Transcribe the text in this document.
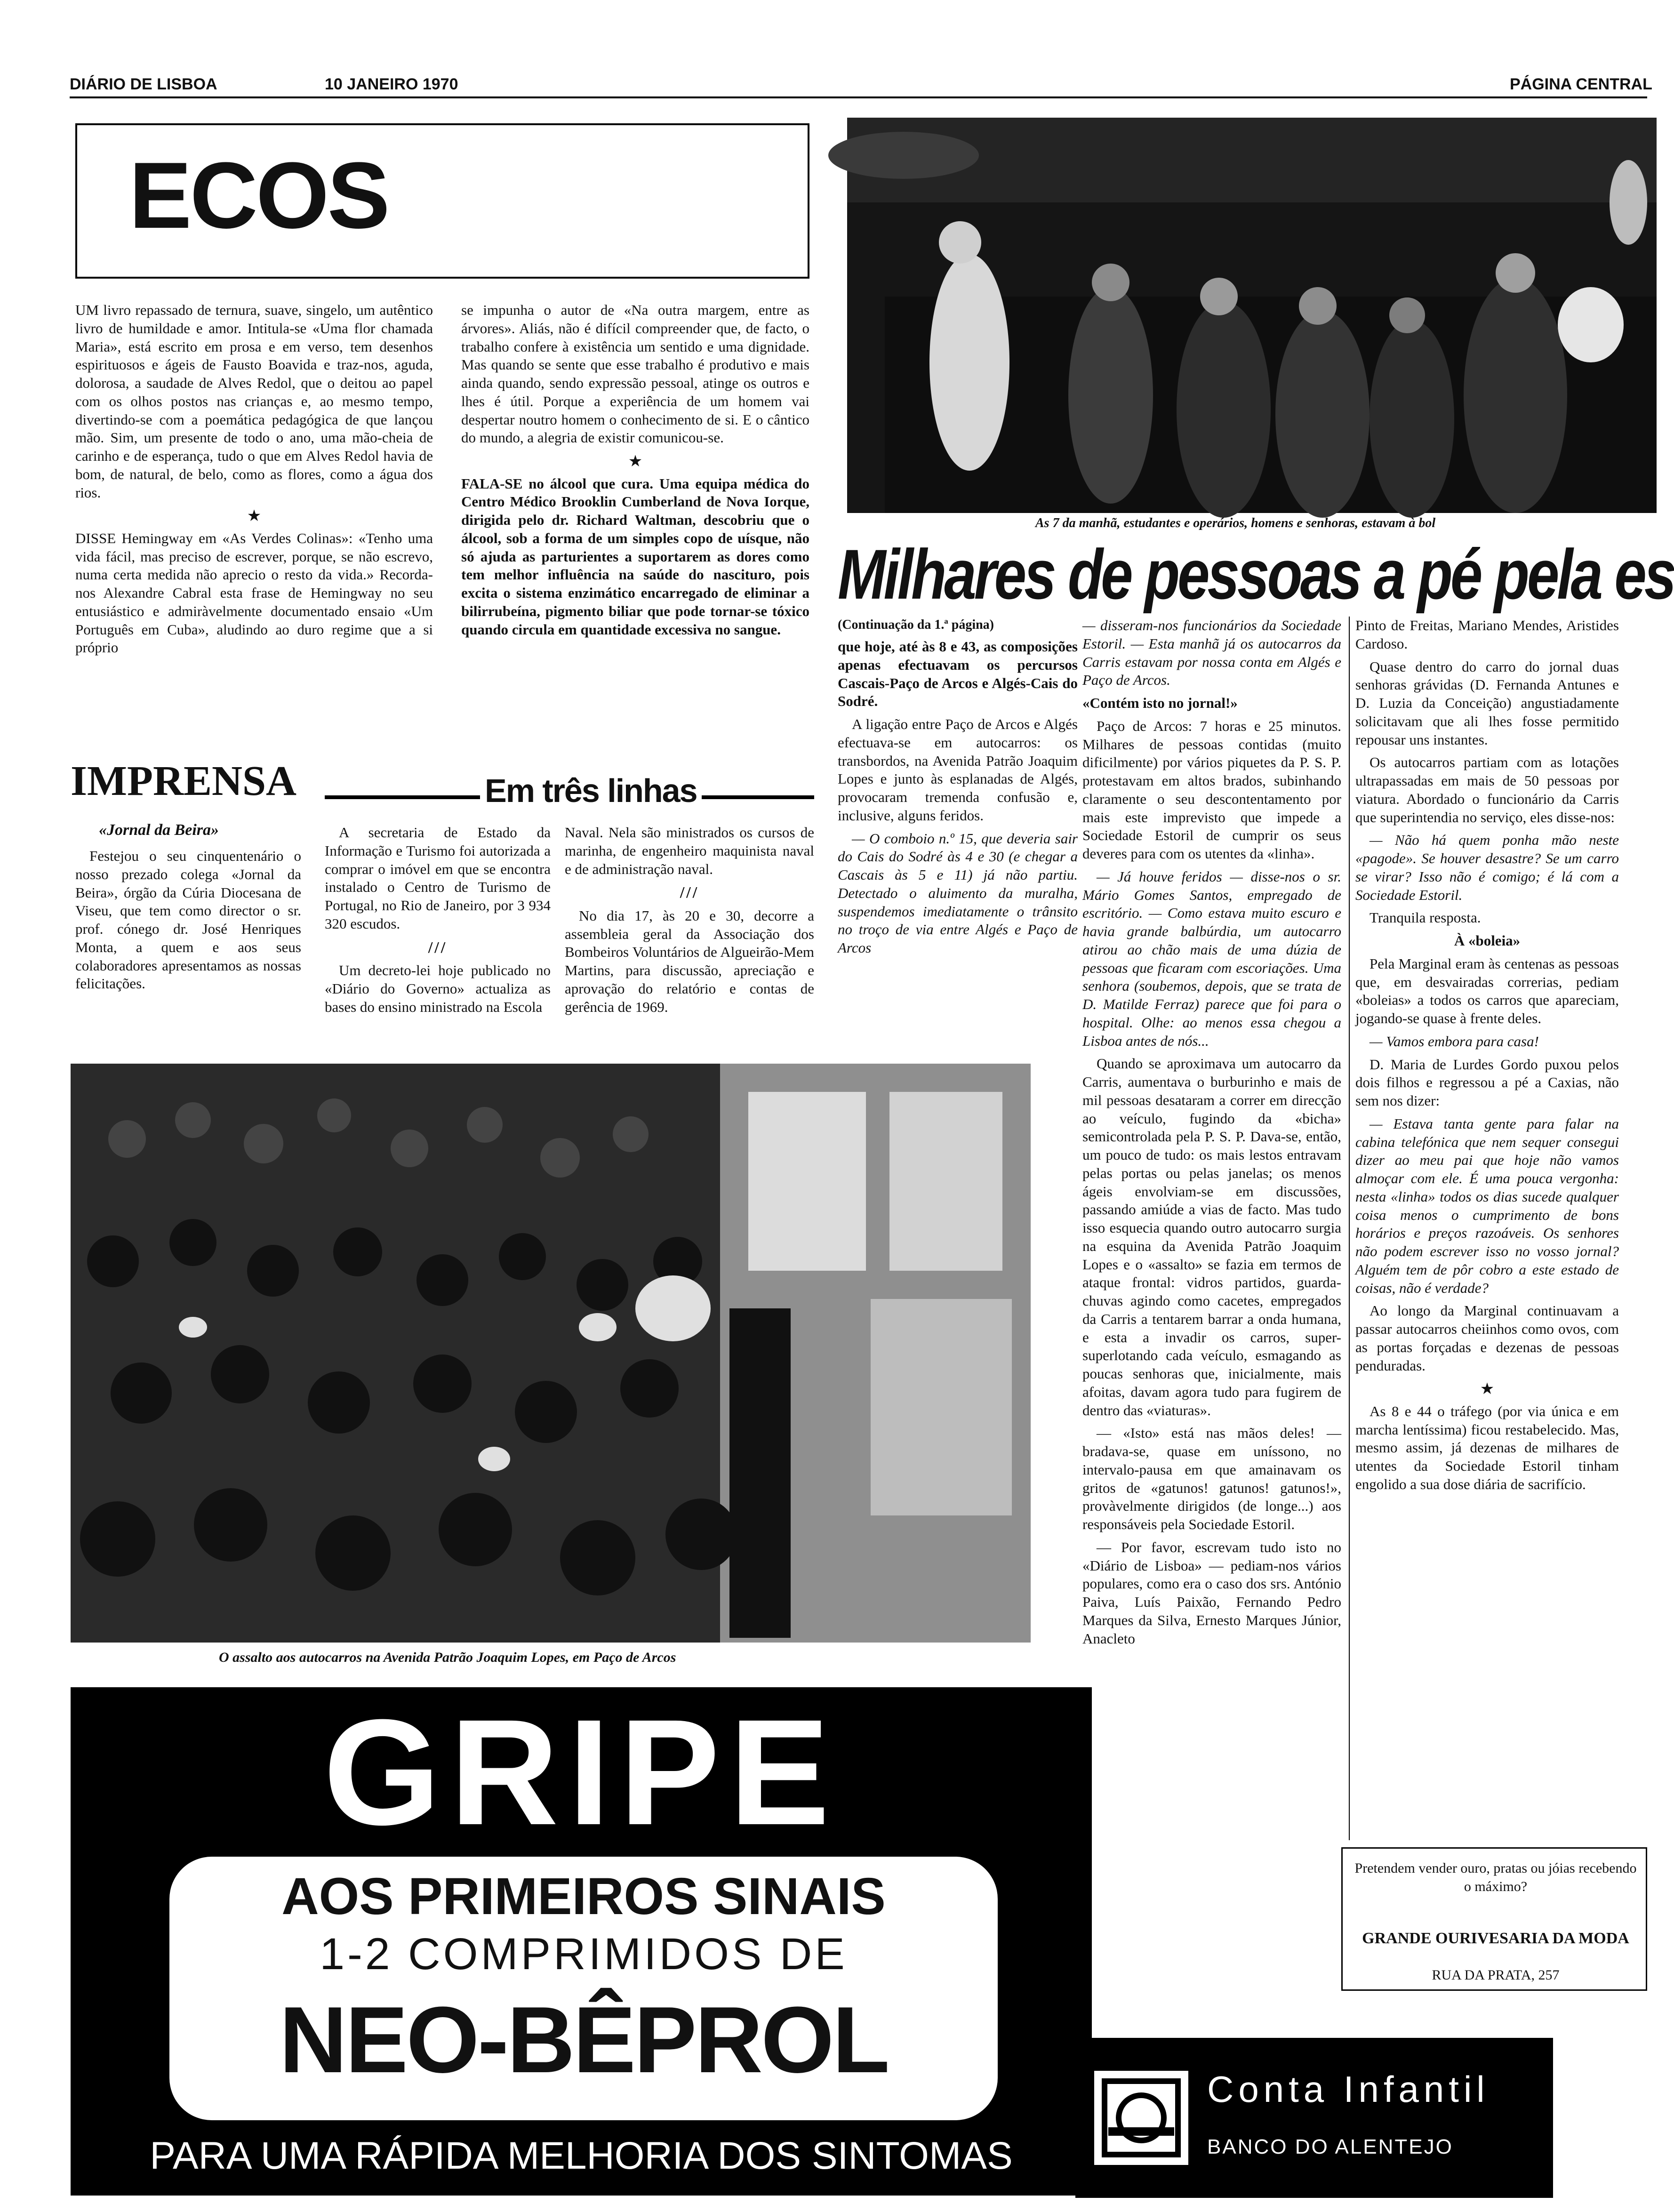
DIÁRIO DE LISBOA	10 JANEIRO 1970	PÁGINA CENTRAL
ECOS

UM livro repassado de ternura, suave, singelo, um autêntico livro de humildade e amor. Intitula-se «Uma flor chamada Maria», está escrito em prosa e em verso, tem desenhos espirituosos e ágeis de Fausto Boavida e traz-nos, aguda, dolorosa, a saudade de Alves Redol, que o deitou ao papel com os olhos postos nas crianças e, ao mesmo tempo, divertindo-se com a poemática pedagógica de que lançou mão. Sim, um presente de todo o ano, uma mão-cheia de carinho e de esperança, tudo o que em Alves Redol havia de bom, de natural, de belo, como as flores, como a água dos rios.

★

DISSE Hemingway em «As Verdes Colinas»: «Tenho uma vida fácil, mas preciso de escrever, porque, se não escrevo, numa certa medida não aprecio o resto da vida.» Recorda-nos Alexandre Cabral esta frase de Hemingway no seu entusiástico e admiràvelmente documentado ensaio «Um Português em Cuba», aludindo ao duro regime que a si próprio

se impunha o autor de «Na outra margem, entre as árvores». Aliás, não é difícil compreender que, de facto, o trabalho confere à existência um sentido e uma dignidade. Mas quando se sente que esse trabalho é produtivo e mais ainda quando, sendo expressão pessoal, atinge os outros e lhes é útil. Porque a experiência de um homem vai despertar noutro homem o conhecimento de si. E o cântico do mundo, a alegria de existir comunicou-se.

★

FALA-SE no álcool que cura. Uma equipa médica do Centro Médico Brooklin Cumberland de Nova Iorque, dirigida pelo dr. Richard Waltman, descobriu que o álcool, sob a forma de um simples copo de uísque, não só ajuda as parturientes a suportarem as dores como tem melhor influência na saúde do nascituro, pois excita o sistema enzimático encarregado de eliminar a bilirrubeína, pigmento biliar que pode tornar-se tóxico quando circula em quantidade excessiva no sangue.

IMPRENSA
«Jornal da Beira»

Festejou o seu cinquentenário o nosso prezado colega «Jornal da Beira», órgão da Cúria Diocesana de Viseu, que tem como director o sr. prof. cónego dr. José Henriques Monta, a quem e aos seus colaboradores apresentamos as nossas felicitações.

Em três linhas

A secretaria de Estado da Informação e Turismo foi autorizada a comprar o imóvel em que se encontra instalado o Centro de Turismo de Portugal, no Rio de Janeiro, por 3 934 320 escudos.

///

Um decreto-lei hoje publicado no «Diário do Governo» actualiza as bases do ensino ministrado na Escola

Naval. Nela são ministrados os cursos de marinha, de engenheiro maquinista naval e de administração naval.

///

No dia 17, às 20 e 30, decorre a assembleia geral da Associação dos Bombeiros Voluntários de Algueirão-Mem Martins, para discussão, apreciação e aprovação do relatório e contas de gerência de 1969.

As 7 da manhã, estudantes e operários, homens e senhoras, estavam à bol
Milhares de pessoas a pé pela es

(Continuação da 1.ª página)

que hoje, até às 8 e 43, as composições apenas efectuavam os percursos Cascais-Paço de Arcos e Algés-Cais do Sodré.

A ligação entre Paço de Arcos e Algés efectuava-se em autocarros: os transbordos, na Avenida Patrão Joaquim Lopes e junto às esplanadas de Algés, provocaram tremenda confusão e, inclusive, alguns feridos.

— O comboio n.º 15, que deveria sair do Cais do Sodré às 4 e 30 (e chegar a Cascais às 5 e 11) já não partiu. Detectado o aluimento da muralha, suspendemos imediatamente o trânsito no troço de via entre Algés e Paço de Arcos

— disseram-nos funcionários da Sociedade Estoril. — Esta manhã já os autocarros da Carris estavam por nossa conta em Algés e Paço de Arcos.

«Contém isto no jornal!»

Paço de Arcos: 7 horas e 25 minutos. Milhares de pessoas contidas (muito dificilmente) por vários piquetes da P. S. P. protestavam em altos brados, subinhando claramente o seu descontentamento por mais este imprevisto que impede a Sociedade Estoril de cumprir os seus deveres para com os utentes da «linha».

— Já houve feridos — disse-nos o sr. Mário Gomes Santos, empregado de escritório. — Como estava muito escuro e havia grande balbúrdia, um autocarro atirou ao chão mais de uma dúzia de pessoas que ficaram com escoriações. Uma senhora (soubemos, depois, que se trata de D. Matilde Ferraz) parece que foi para o hospital. Olhe: ao menos essa chegou a Lisboa antes de nós...

Quando se aproximava um autocarro da Carris, aumentava o burburinho e mais de mil pessoas desataram a correr em direcção ao veículo, fugindo da «bicha» semicontrolada pela P. S. P. Dava-se, então, um pouco de tudo: os mais lestos entravam pelas portas ou pelas janelas; os menos ágeis envolviam-se em discussões, passando amiúde a vias de facto. Mas tudo isso esquecia quando outro autocarro surgia na esquina da Avenida Patrão Joaquim Lopes e o «assalto» se fazia em termos de ataque frontal: vidros partidos, guarda-chuvas agindo como cacetes, empregados da Carris a tentarem barrar a onda humana, e esta a invadir os carros, super-superlotando cada veículo, esmagando as poucas senhoras que, inicialmente, mais afoitas, davam agora tudo para fugirem de dentro das «viaturas».

— «Isto» está nas mãos deles! — bradava-se, quase em uníssono, no intervalo-pausa em que amainavam os gritos de «gatunos! gatunos! gatunos!», provàvelmente dirigidos (de longe...) aos responsáveis pela Sociedade Estoril.

— Por favor, escrevam tudo isto no «Diário de Lisboa» — pediam-nos vários populares, como era o caso dos srs. António Paiva, Luís Paixão, Fernando Pedro Marques da Silva, Ernesto Marques Júnior, Anacleto

Pinto de Freitas, Mariano Mendes, Aristides Cardoso.

Quase dentro do carro do jornal duas senhoras grávidas (D. Fernanda Antunes e D. Luzia da Conceição) angustiadamente solicitavam que ali lhes fosse permitido repousar uns instantes.

Os autocarros partiam com as lotações ultrapassadas em mais de 50 pessoas por viatura. Abordado o funcionário da Carris que superintendia no serviço, eles disse-nos:

— Não há quem ponha mão neste «pagode». Se houver desastre? Se um carro se virar? Isso não é comigo; é lá com a Sociedade Estoril.

Tranquila resposta.

À «boleia»

Pela Marginal eram às centenas as pessoas que, em desvairadas correrias, pediam «boleias» a todos os carros que apareciam, jogando-se quase à frente deles.

— Vamos embora para casa!

D. Maria de Lurdes Gordo puxou pelos dois filhos e regressou a pé a Caxias, não sem nos dizer:

— Estava tanta gente para falar na cabina telefónica que nem sequer consegui dizer ao meu pai que hoje não vamos almoçar com ele. É uma pouca vergonha: nesta «linha» todos os dias sucede qualquer coisa menos o cumprimento de bons horários e preços razoáveis. Os senhores não podem escrever isso no vosso jornal? Alguém tem de pôr cobro a este estado de coisas, não é verdade?

Ao longo da Marginal continuavam a passar autocarros cheiinhos como ovos, com as portas forçadas e dezenas de pessoas penduradas.

★

As 8 e 44 o tráfego (por via única e em marcha lentíssima) ficou restabelecido. Mas, mesmo assim, já dezenas de milhares de utentes da Sociedade Estoril tinham engolido a sua dose diária de sacrifício.

O assalto aos autocarros na Avenida Patrão Joaquim Lopes, em Paço de Arcos
GRIPE
AOS PRIMEIROS SINAIS
1-2 COMPRIMIDOS DE
NEO-BÊPROL
PARA UMA RÁPIDA MELHORIA DOS SINTOMAS
Pretendem vender ouro, pratas ou jóias recebendo o máximo?
GRANDE OURIVESARIA DA MODA
RUA DA PRATA, 257
Conta Infantil
BANCO DO ALENTEJO
